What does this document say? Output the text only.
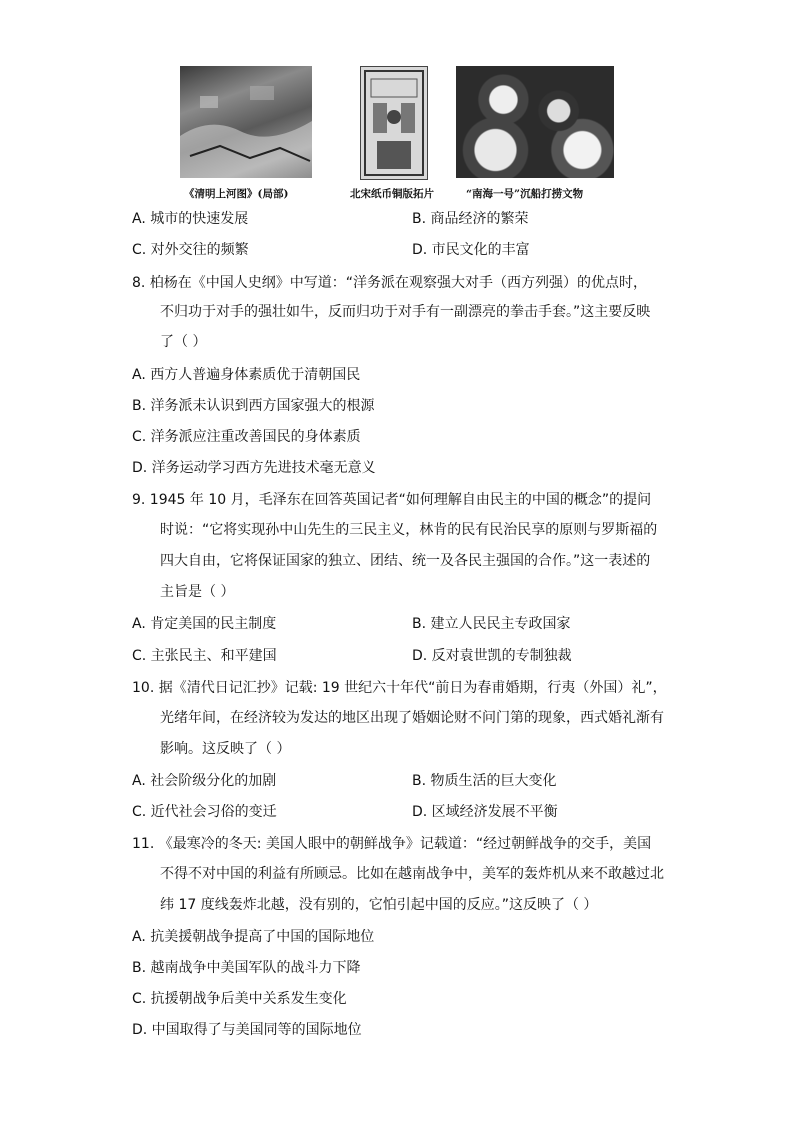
《清明上河图》(局部)	北宋纸币铜版拓片	“南海一号”沉船打捞文物
A. 城市的快速发展	B. 商品经济的繁荣
C. 对外交往的频繁	D. 市民文化的丰富
8. 柏杨在《中国人史纲》中写道：“洋务派在观察强大对手（西方列强）的优点时，
不归功于对手的强壮如牛，反而归功于对手有一副漂亮的拳击手套。”这主要反映
了（ ）
A. 西方人普遍身体素质优于清朝国民
B. 洋务派未认识到西方国家强大的根源
C. 洋务派应注重改善国民的身体素质
D. 洋务运动学习西方先进技术毫无意义
9. 1945 年 10 月，毛泽东在回答英国记者“如何理解自由民主的中国的概念”的提问
时说：“它将实现孙中山先生的三民主义，林肯的民有民治民享的原则与罗斯福的
四大自由，它将保证国家的独立、团结、统一及各民主强国的合作。”这一表述的
主旨是（ ）
A. 肯定美国的民主制度	B. 建立人民民主专政国家
C. 主张民主、和平建国	D. 反对袁世凯的专制独裁
10. 据《清代日记汇抄》记载: 19 世纪六十年代“前日为春甫婚期，行夷（外国）礼”，
光绪年间，在经济较为发达的地区出现了婚姻论财不问门第的现象，西式婚礼渐有
影响。这反映了（ ）
A. 社会阶级分化的加剧	B. 物质生活的巨大变化
C. 近代社会习俗的变迁	D. 区域经济发展不平衡
11. 《最寒冷的冬天: 美国人眼中的朝鲜战争》记载道：“经过朝鲜战争的交手，美国
不得不对中国的利益有所顾忌。比如在越南战争中，美军的轰炸机从来不敢越过北
纬 17 度线轰炸北越，没有别的，它怕引起中国的反应。”这反映了（ ）
A. 抗美援朝战争提高了中国的国际地位
B. 越南战争中美国军队的战斗力下降
C. 抗援朝战争后美中关系发生变化
D. 中国取得了与美国同等的国际地位
